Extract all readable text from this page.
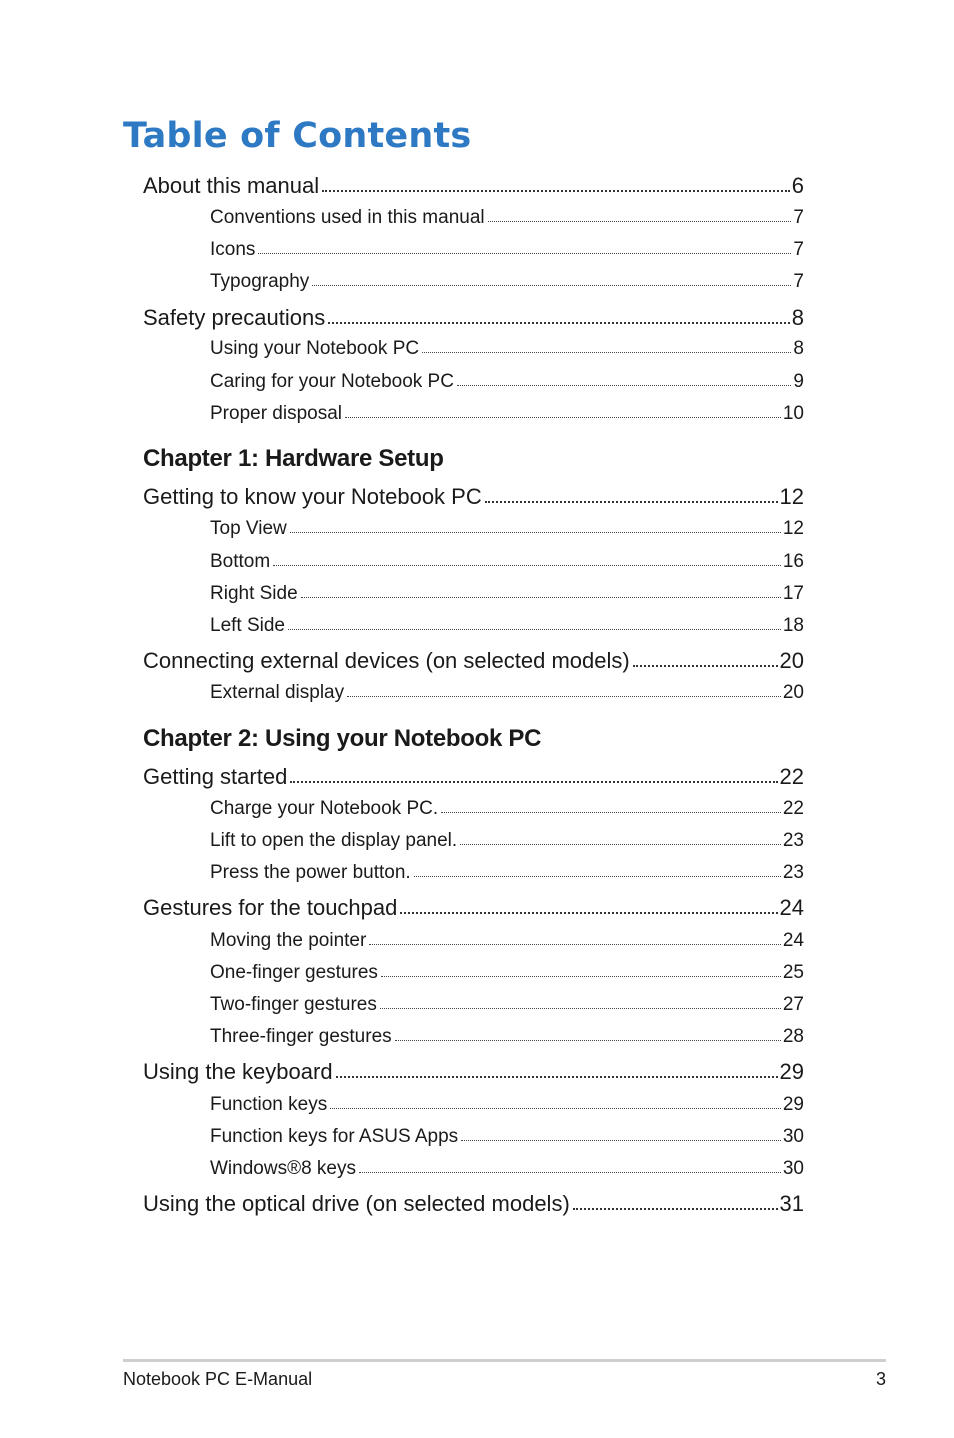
Table of Contents
About this manual	6
Conventions used in this manual	7
Icons	7
Typography	7
Safety precautions	8
Using your Notebook PC	8
Caring for your Notebook PC	9
Proper disposal	10
Chapter 1: Hardware Setup
Getting to know your Notebook PC	12
Top View	12
Bottom	16
Right Side	17
Left Side	18
Connecting external devices (on selected models)	20
External display	20
Chapter 2: Using your Notebook PC
Getting started	22
Charge your Notebook PC.	22
Lift to open the display panel.	23
Press the power button.	23
Gestures for the touchpad	24
Moving the pointer	24
One-finger gestures	25
Two-finger gestures	27
Three-finger gestures	28
Using the keyboard	29
Function keys	29
Function keys for ASUS Apps	30
Windows®8 keys	30
Using the optical drive (on selected models)	31
Notebook PC E-Manual	3
